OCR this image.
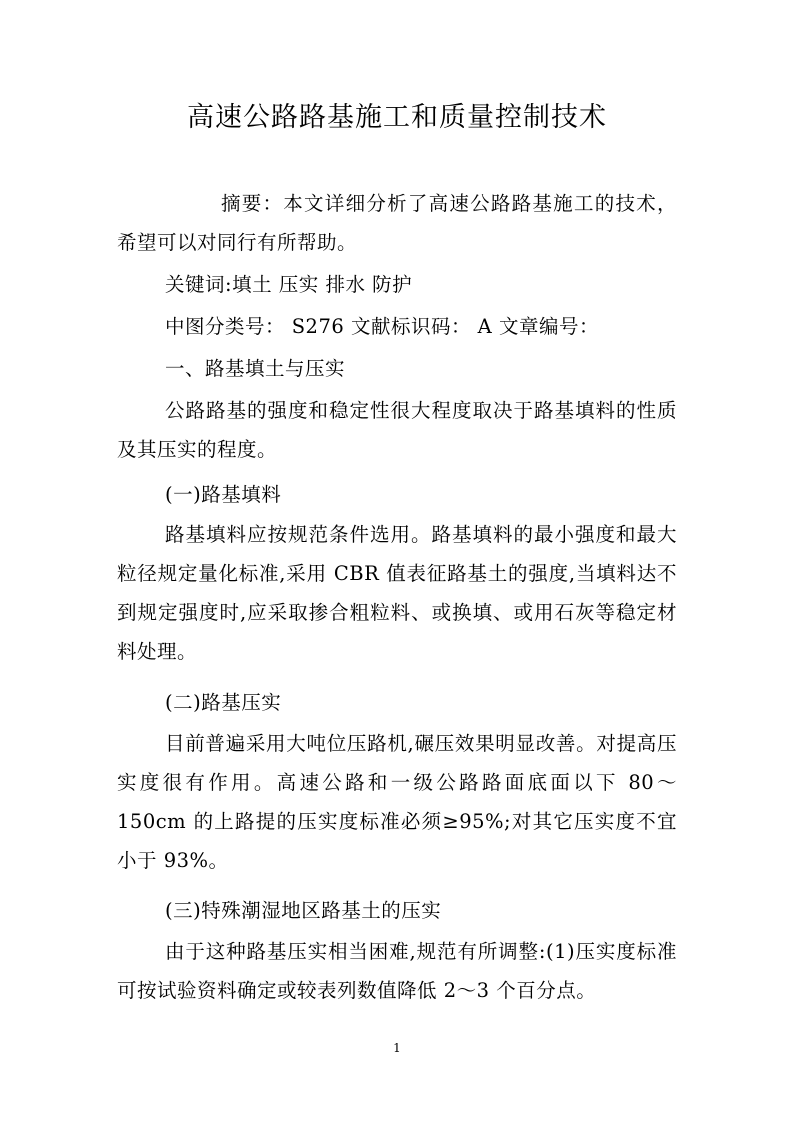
高速公路路基施工和质量控制技术

摘要：本文详细分析了高速公路路基施工的技术，希望可以对同行有所帮助。

关键词:填土 压实 排水 防护

中图分类号： S276 文献标识码： A 文章编号：

一、路基填土与压实

公路路基的强度和稳定性很大程度取决于路基填料的性质及其压实的程度。

(一)路基填料

路基填料应按规范条件选用。路基填料的最小强度和最大粒径规定量化标准,采用 CBR 值表征路基土的强度,当填料达不到规定强度时,应采取掺合粗粒料、或换填、或用石灰等稳定材料处理。

(二)路基压实

目前普遍采用大吨位压路机,碾压效果明显改善。对提高压实度很有作用。高速公路和一级公路路面底面以下 80～150cm 的上路提的压实度标准必须≥95%;对其它压实度不宜小于 93%。

(三)特殊潮湿地区路基土的压实

由于这种路基压实相当困难,规范有所调整:(1)压实度标准可按试验资料确定或较表列数值降低 2～3 个百分点。

1
